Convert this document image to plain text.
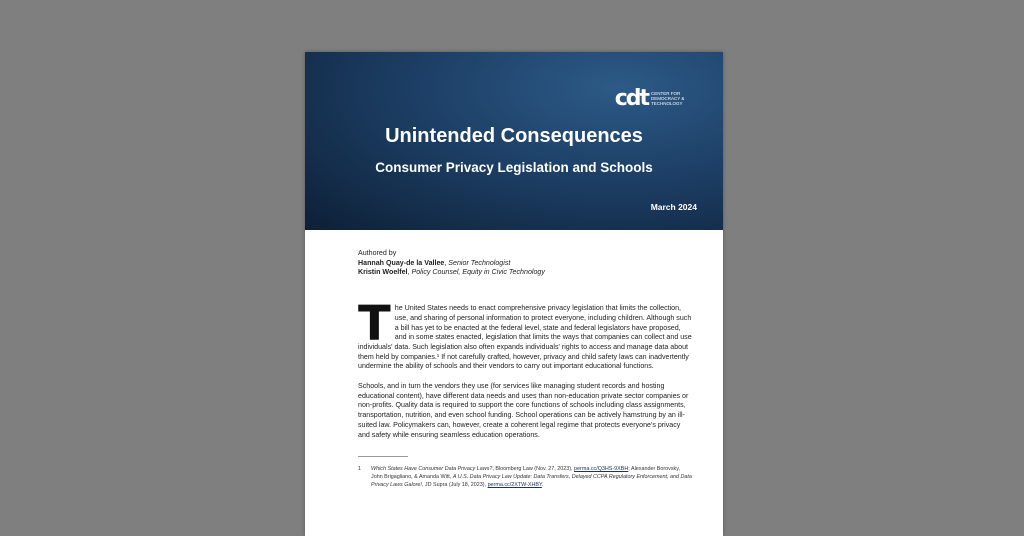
cdt CENTER FOR DEMOCRACY & TECHNOLOGY
Unintended Consequences
Consumer Privacy Legislation and Schools
March 2024
Authored by
Hannah Quay-de la Vallee, Senior Technologist
Kristin Woelfel, Policy Counsel, Equity in Civic Technology

The United States needs to enact comprehensive privacy legislation that limits the collection, use, and sharing of personal information to protect everyone, including children. Although such a bill has yet to be enacted at the federal level, state and federal legislators have proposed, and in some states enacted, legislation that limits the ways that companies can collect and use individuals' data. Such legislation also often expands individuals' rights to access and manage data about them held by companies.¹ If not carefully crafted, however, privacy and child safety laws can inadvertently undermine the ability of schools and their vendors to carry out important educational functions.

Schools, and in turn the vendors they use (for services like managing student records and hosting educational content), have different data needs and uses than non-education private sector companies or non-profits. Quality data is required to support the core functions of schools including class assignments, transportation, nutrition, and even school funding. School operations can be actively hamstrung by an ill-suited law. Policymakers can, however, create a coherent legal regime that protects everyone's privacy and safety while ensuring seamless education operations.

1 Which States Have Consumer Data Privacy Laws?, Bloomberg Law (Nov. 27, 2023), perma.cc/Q3HS-9XBH; Alexander Borovsky, John Brigagliano, & Amanda Witt, A U.S. Data Privacy Law Update: Data Transfers, Delayed CCPA Regulatory Enforcement, and Data Privacy Laws Galore!, JD Supra (July 18, 2023), perma.cc/2XTW-XHBY.
